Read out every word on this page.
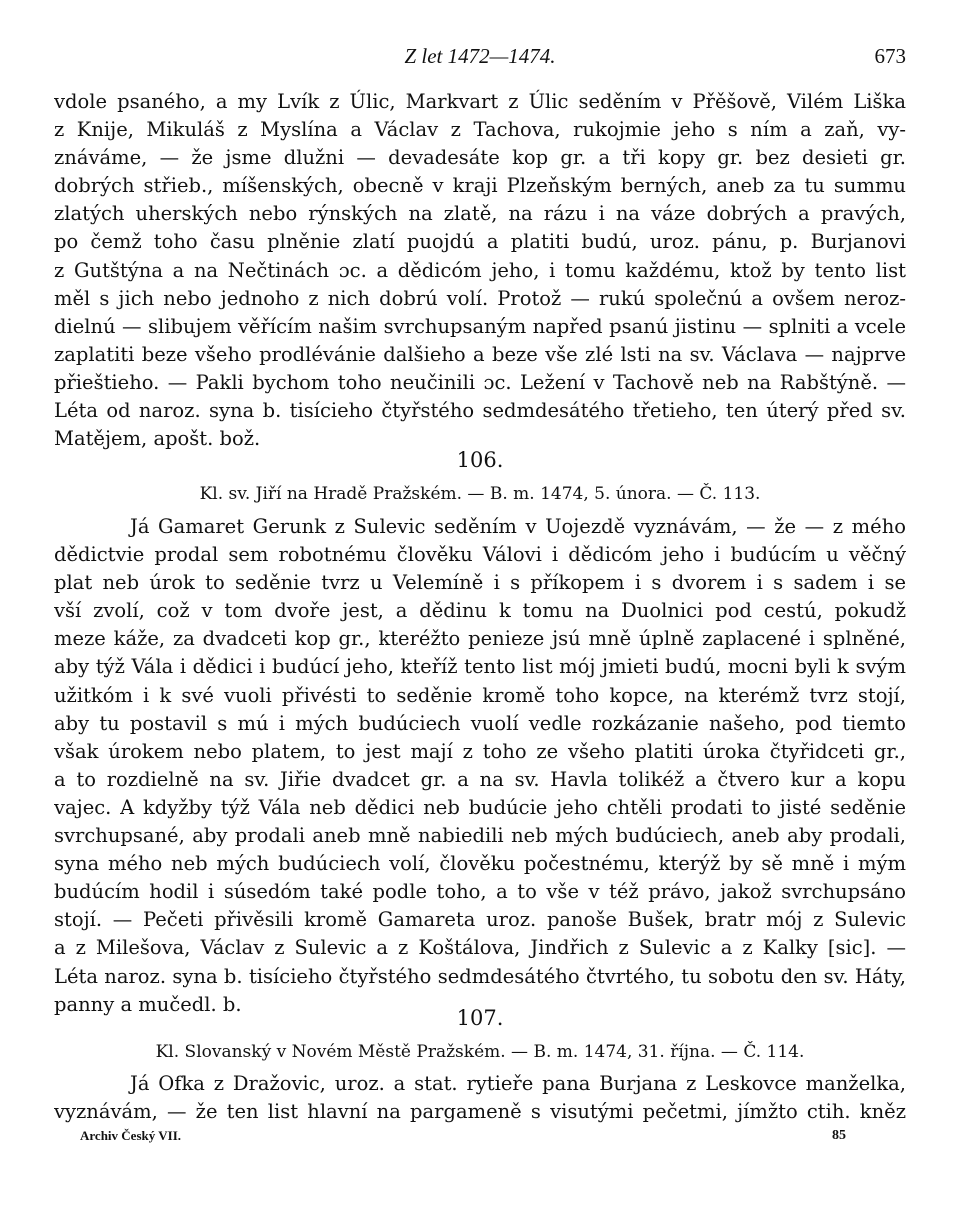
Z let 1472—1474.	673
vdole psaného, a my Lvík z Úlic, Markvart z Úlic seděním v Přěšově, Vilém Liška
z Knije, Mikuláš z Myslína a Václav z Tachova, rukojmie jeho s ním a zaň, vy-
znáváme, — že jsme dlužni — devadesáte kop gr. a tři kopy gr. bez desieti gr.
dobrých střieb., míšenských, obecně v kraji Plzeňským berných, aneb za tu summu
zlatých uherských nebo rýnských na zlatě, na rázu i na váze dobrých a pravých,
po čemž toho času plněnie zlatí puojdú a platiti budú, uroz. pánu, p. Burjanovi
z Gutštýna a na Nečtinách ɔc. a dědicóm jeho, i tomu každému, ktož by tento list
měl s jich nebo jednoho z nich dobrú volí. Protož — rukú společnú a ovšem neroz-
dielnú — slibujem věřícím našim svrchupsaným napřed psanú jistinu — splniti a vcele
zaplatiti beze všeho prodlévánie dalšieho a beze vše zlé lsti na sv. Václava — najprve
přieštieho. — Pakli bychom toho neučinili ɔc. Ležení v Tachově neb na Rabštýně. —
Léta od naroz. syna b. tisícieho čtyřstého sedmdesátého třetieho, ten úterý před sv.
Matějem, apošt. bož.
106.
Kl. sv. Jiří na Hradě Pražském. — B. m. 1474, 5. února. — Č. 113.
Já Gamaret Gerunk z Sulevic seděním v Uojezdě vyznávám, — že — z mého
dědictvie prodal sem robotnému člověku Válovi i dědicóm jeho i budúcím u věčný
plat neb úrok to seděnie tvrz u Velemíně i s příkopem i s dvorem i s sadem i se
vší zvolí, což v tom dvoře jest, a dědinu k tomu na Duolnici pod cestú, pokudž
meze káže, za dvadceti kop gr., kteréžto penieze jsú mně úplně zaplacené i splněné,
aby týž Vála i dědici i budúcí jeho, kteříž tento list mój jmieti budú, mocni byli k svým
užitkóm i k své vuoli přivésti to seděnie kromě toho kopce, na kterémž tvrz stojí,
aby tu postavil s mú i mých budúciech vuolí vedle rozkázanie našeho, pod tiemto
však úrokem nebo platem, to jest mají z toho ze všeho platiti úroka čtyřidceti gr.,
a to rozdielně na sv. Jiřie dvadcet gr. a na sv. Havla tolikéž a čtvero kur a kopu
vajec. A kdyžby týž Vála neb dědici neb budúcie jeho chtěli prodati to jisté seděnie
svrchupsané, aby prodali aneb mně nabiedili neb mých budúciech, aneb aby prodali,
syna mého neb mých budúciech volí, člověku počestnému, kterýž by sě mně i mým
budúcím hodil i súsedóm také podle toho, a to vše v též právo, jakož svrchupsáno
stojí. — Pečeti přivěsili kromě Gamareta uroz. panoše Bušek, bratr mój z Sulevic
a z Milešova, Václav z Sulevic a z Koštálova, Jindřich z Sulevic a z Kalky [sic]. —
Léta naroz. syna b. tisícieho čtyřstého sedmdesátého čtvrtého, tu sobotu den sv. Háty,
panny a mučedl. b.
107.
Kl. Slovanský v Novém Městě Pražském. — B. m. 1474, 31. října. — Č. 114.
Já Ofka z Dražovic, uroz. a stat. rytieře pana Burjana z Leskovce manželka,
vyznávám, — že ten list hlavní na pargameně s visutými pečetmi, jímžto ctih. kněz
Archiv Český VII.	85
